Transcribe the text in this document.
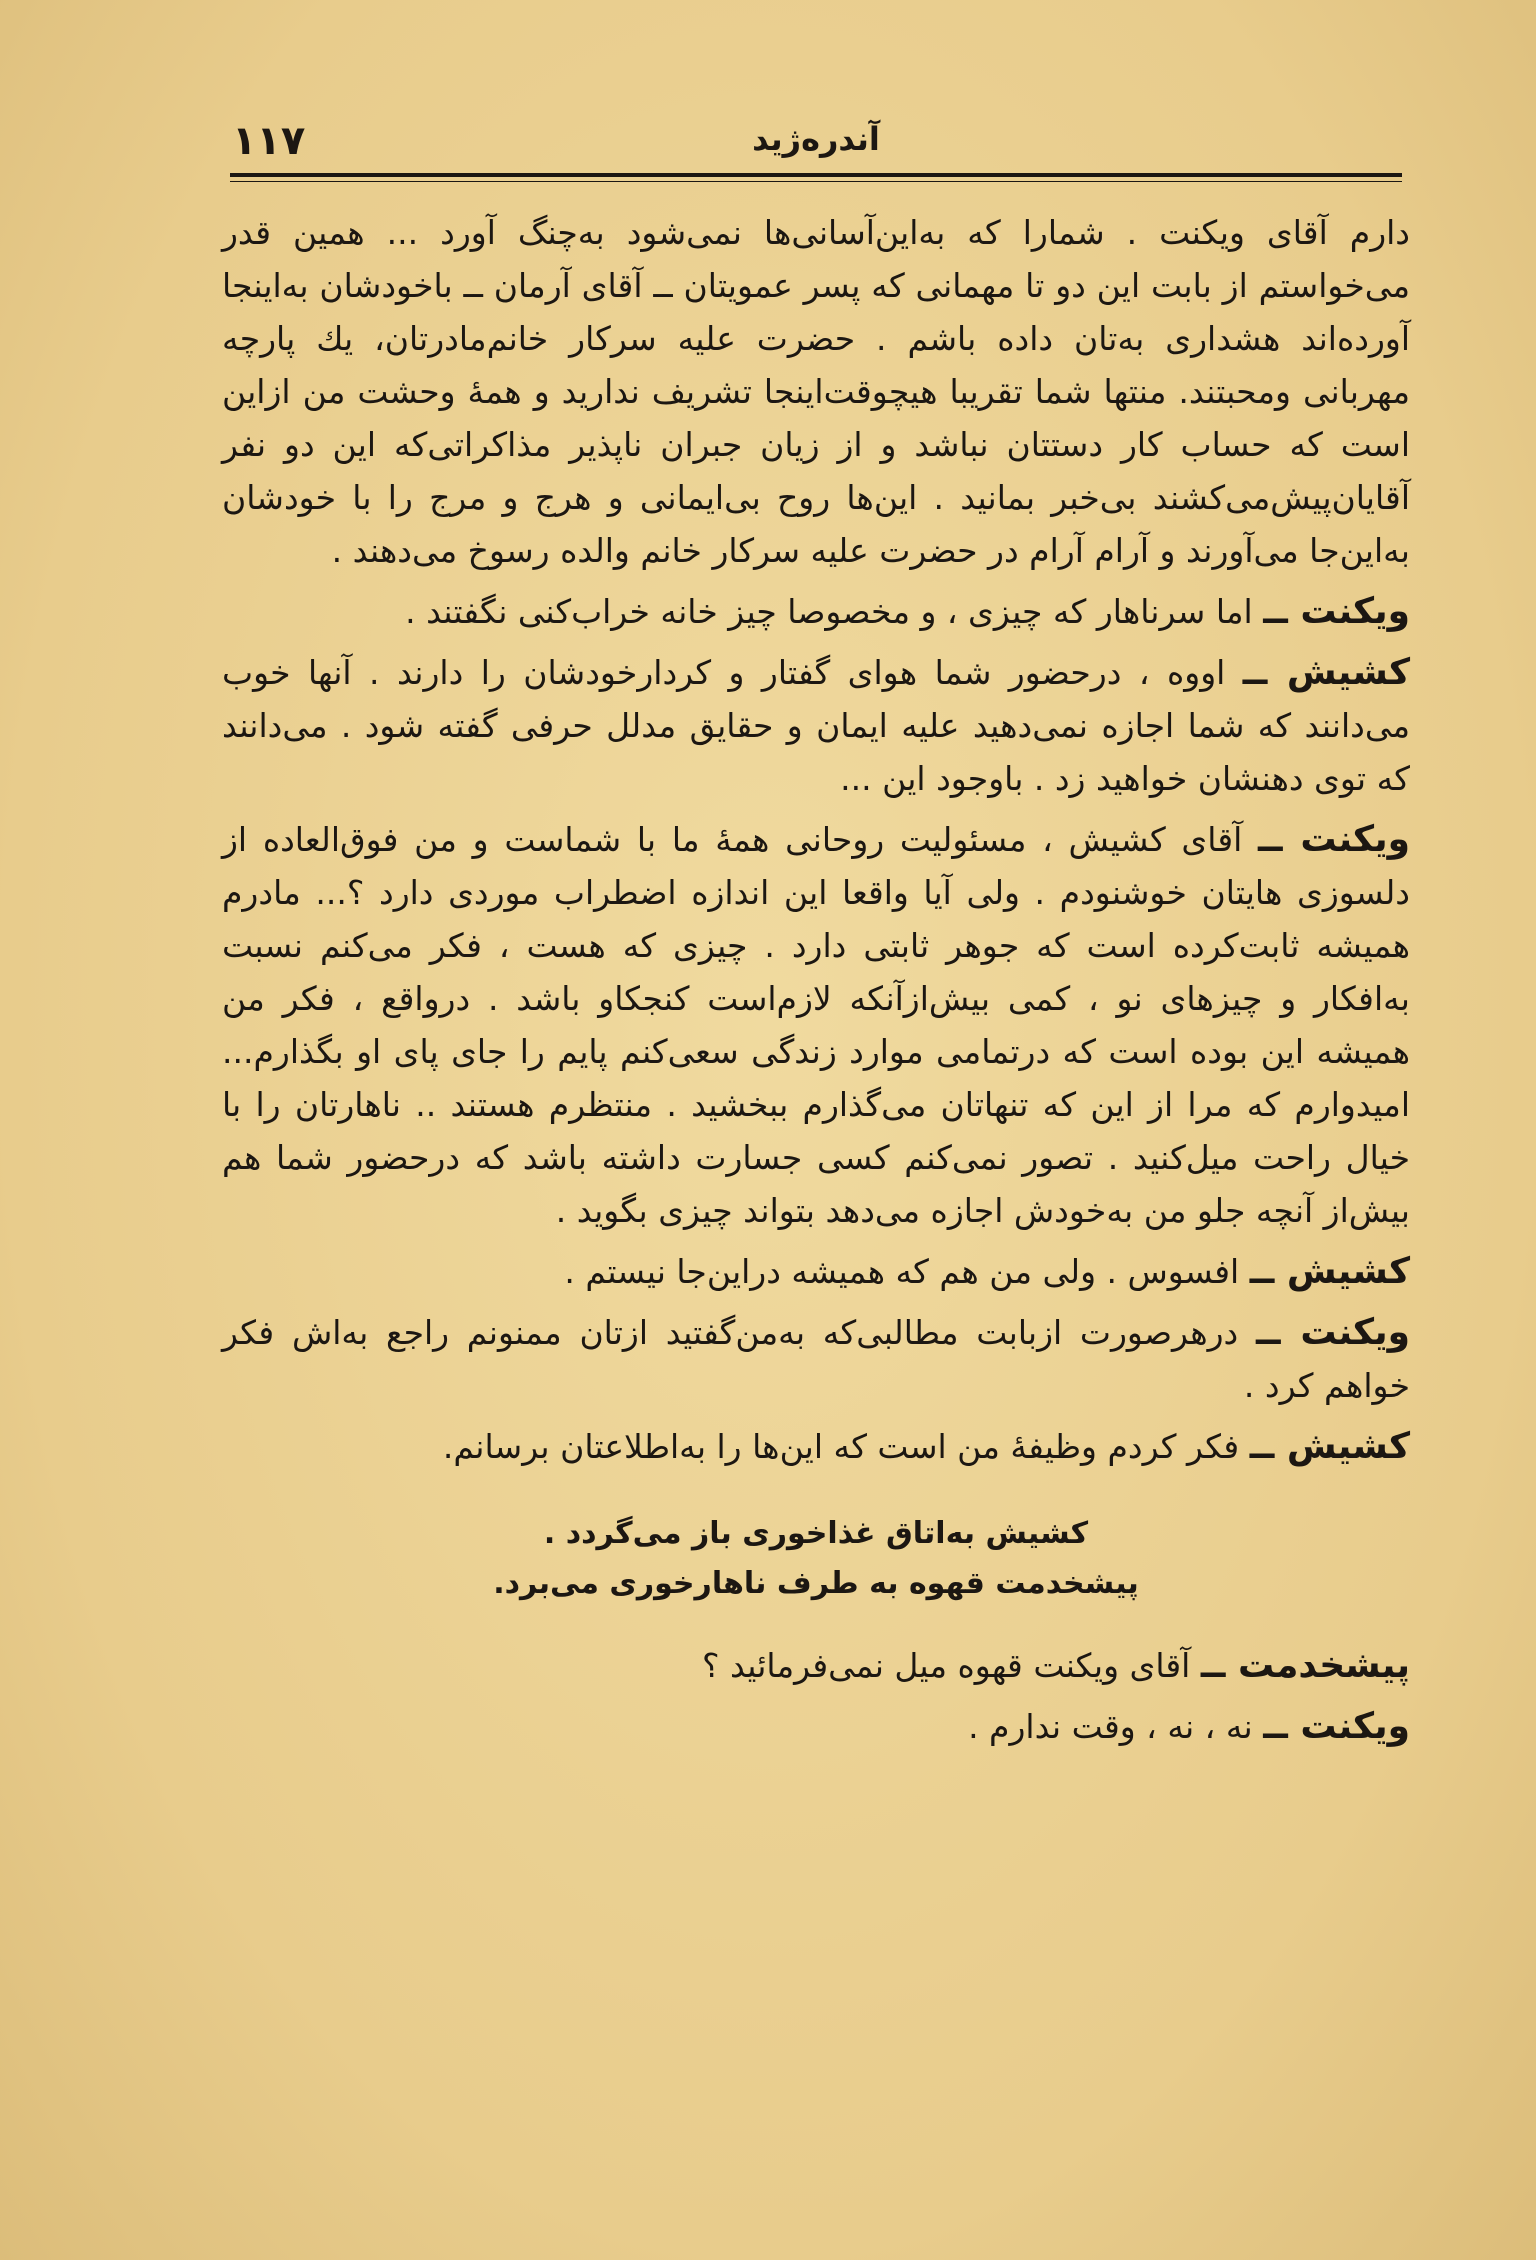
۱۱۷	آندره‌ژید

دارم آقای ویکنت . شمارا که به‌این‌آسانی‌ها نمی‌شود به‌چنگ آورد ... همین قدر می‌خواستم از بابت این دو تا مهمانی که پسر عمویتان ــ آقای آرمان ــ باخودشان به‌اینجا آورده‌اند هشداری به‌تان داده باشم . حضرت علیه سرکار خانم‌مادرتان، یك پارچه مهربانی ومحبتند. منتها شما تقریبا هیچوقت‌اینجا تشریف ندارید و همهٔ وحشت من ازاین است که حساب کار دستتان نباشد و از زیان جبران ناپذیر مذاکراتی‌که این دو نفر آقایان‌پیش‌می‌کشند بی‌خبر بمانید . این‌ها روح بی‌ایمانی و هرج و مرج را با خودشان به‌این‌جا می‌آورند و آرام آرام در حضرت علیه سرکار خانم والده رسوخ می‌دهند .

ویکنت ــ اما سرناهار که چیزی ، و مخصوصا چیز خانه خراب‌کنی نگفتند .

کشیش ــ اووه ، درحضور شما هوای گفتار و کردارخودشان را دارند . آنها خوب می‌دانند که شما اجازه نمی‌دهید علیه ایمان و حقایق مدلل حرفی گفته شود . می‌دانند که توی دهنشان خواهید زد . باوجود این ...

ویکنت ــ آقای کشیش ، مسئولیت روحانی همهٔ ما با شماست و من فوق‌العاده از دلسوزی هایتان خوشنودم . ولی آیا واقعا این اندازه اضطراب موردی دارد ؟... مادرم همیشه ثابت‌کرده است که جوهر ثابتی دارد . چیزی که هست ، فکر می‌کنم نسبت به‌افکار و چیزهای نو ، کمی بیش‌ازآنکه لازم‌است کنجکاو باشد . درواقع ، فکر من همیشه این بوده است که درتمامی موارد زندگی سعی‌کنم پایم را جای پای او بگذارم... امیدوارم که مرا از این که تنهاتان می‌گذارم ببخشید . منتظرم هستند .. ناهارتان را با خیال راحت میل‌کنید . تصور نمی‌کنم کسی جسارت داشته باشد که درحضور شما هم بیش‌از آنچه جلو من به‌خودش اجازه می‌دهد بتواند چیزی بگوید .

کشیش ــ افسوس . ولی من هم که همیشه دراین‌جا نیستم .

ویکنت ــ درهرصورت ازبابت مطالبی‌که به‌من‌گفتید ازتان ممنونم راجع به‌اش فکر خواهم کرد .

کشیش ــ فکر کردم وظیفهٔ من است که این‌ها را به‌اطلاعتان برسانم.

کشیش به‌اتاق غذاخوری باز می‌گردد .
پیشخدمت قهوه به طرف ناهارخوری می‌برد.

پیشخدمت ــ آقای ویکنت قهوه میل نمی‌فرمائید ؟

ویکنت ــ نه ، نه ، وقت ندارم .
